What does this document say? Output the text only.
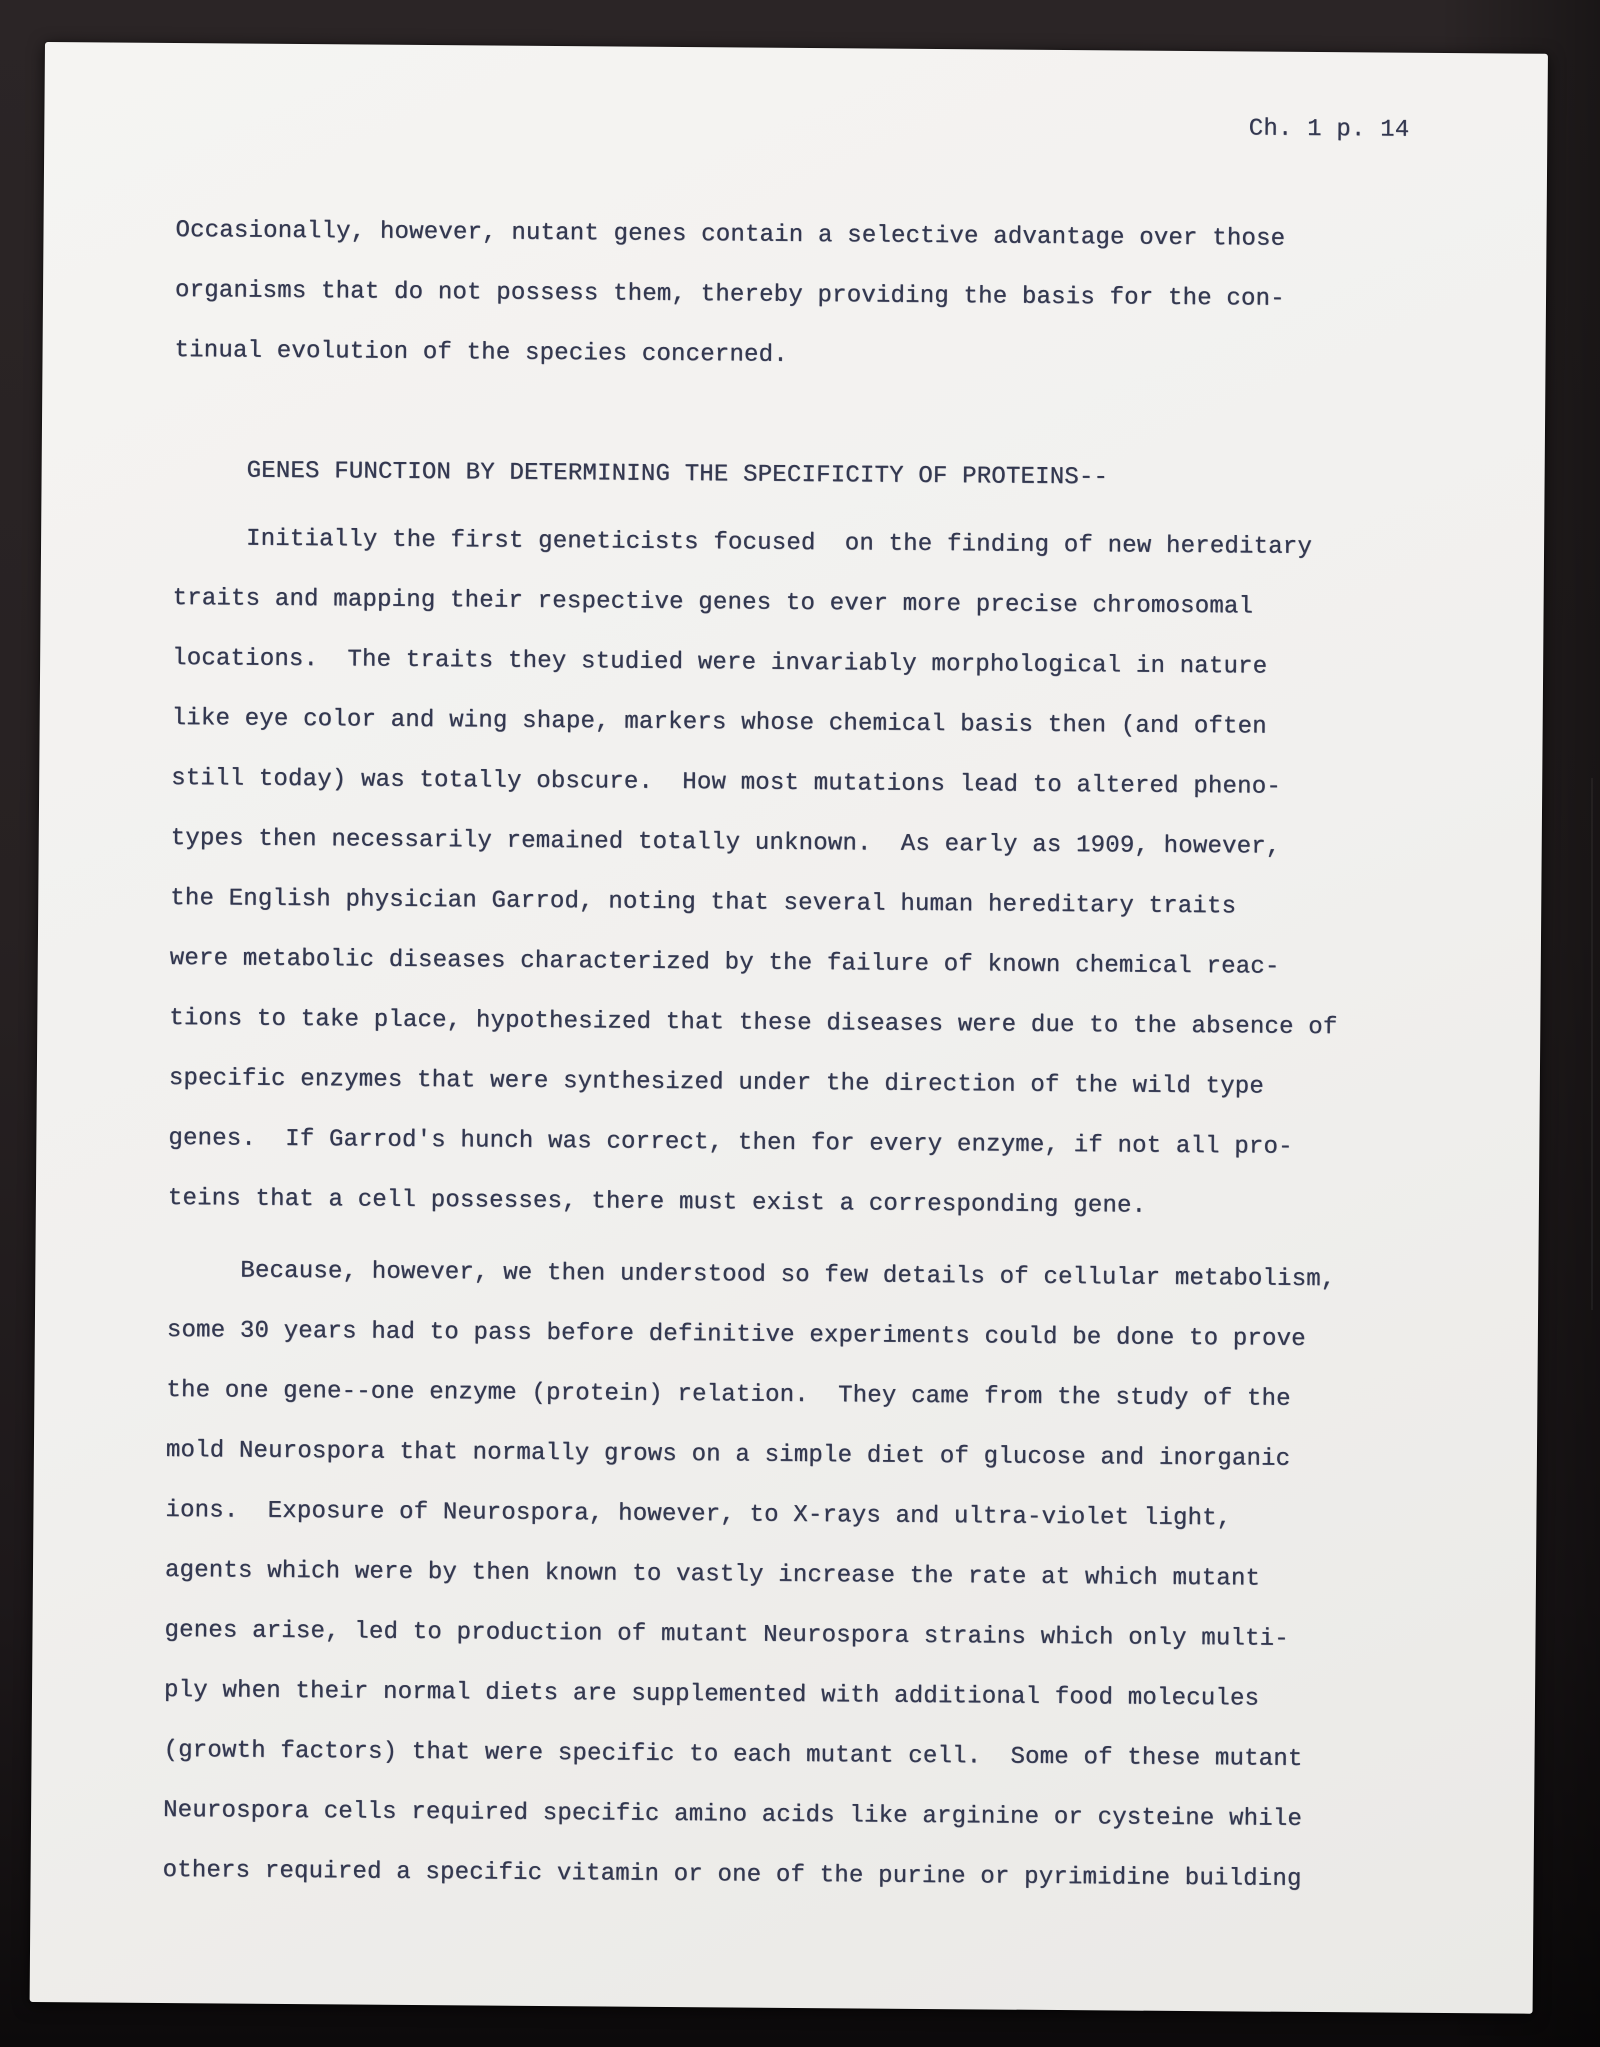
Ch. 1 p. 14
Occasionally, however, nutant genes contain a selective advantage over those
organisms that do not possess them, thereby providing the basis for the con-
tinual evolution of the species concerned.
GENES FUNCTION BY DETERMINING THE SPECIFICITY OF PROTEINS--
Initially the first geneticists focused  on the finding of new hereditary
traits and mapping their respective genes to ever more precise chromosomal
locations.  The traits they studied were invariably morphological in nature
like eye color and wing shape, markers whose chemical basis then (and often
still today) was totally obscure.  How most mutations lead to altered pheno-
types then necessarily remained totally unknown.  As early as 1909, however,
the English physician Garrod, noting that several human hereditary traits
were metabolic diseases characterized by the failure of known chemical reac-
tions to take place, hypothesized that these diseases were due to the absence of
specific enzymes that were synthesized under the direction of the wild type
genes.  If Garrod's hunch was correct, then for every enzyme, if not all pro-
teins that a cell possesses, there must exist a corresponding gene.
Because, however, we then understood so few details of cellular metabolism,
some 30 years had to pass before definitive experiments could be done to prove
the one gene--one enzyme (protein) relation.  They came from the study of the
mold Neurospora that normally grows on a simple diet of glucose and inorganic
ions.  Exposure of Neurospora, however, to X-rays and ultra-violet light,
agents which were by then known to vastly increase the rate at which mutant
genes arise, led to production of mutant Neurospora strains which only multi-
ply when their normal diets are supplemented with additional food molecules
(growth factors) that were specific to each mutant cell.  Some of these mutant
Neurospora cells required specific amino acids like arginine or cysteine while
others required a specific vitamin or one of the purine or pyrimidine building
